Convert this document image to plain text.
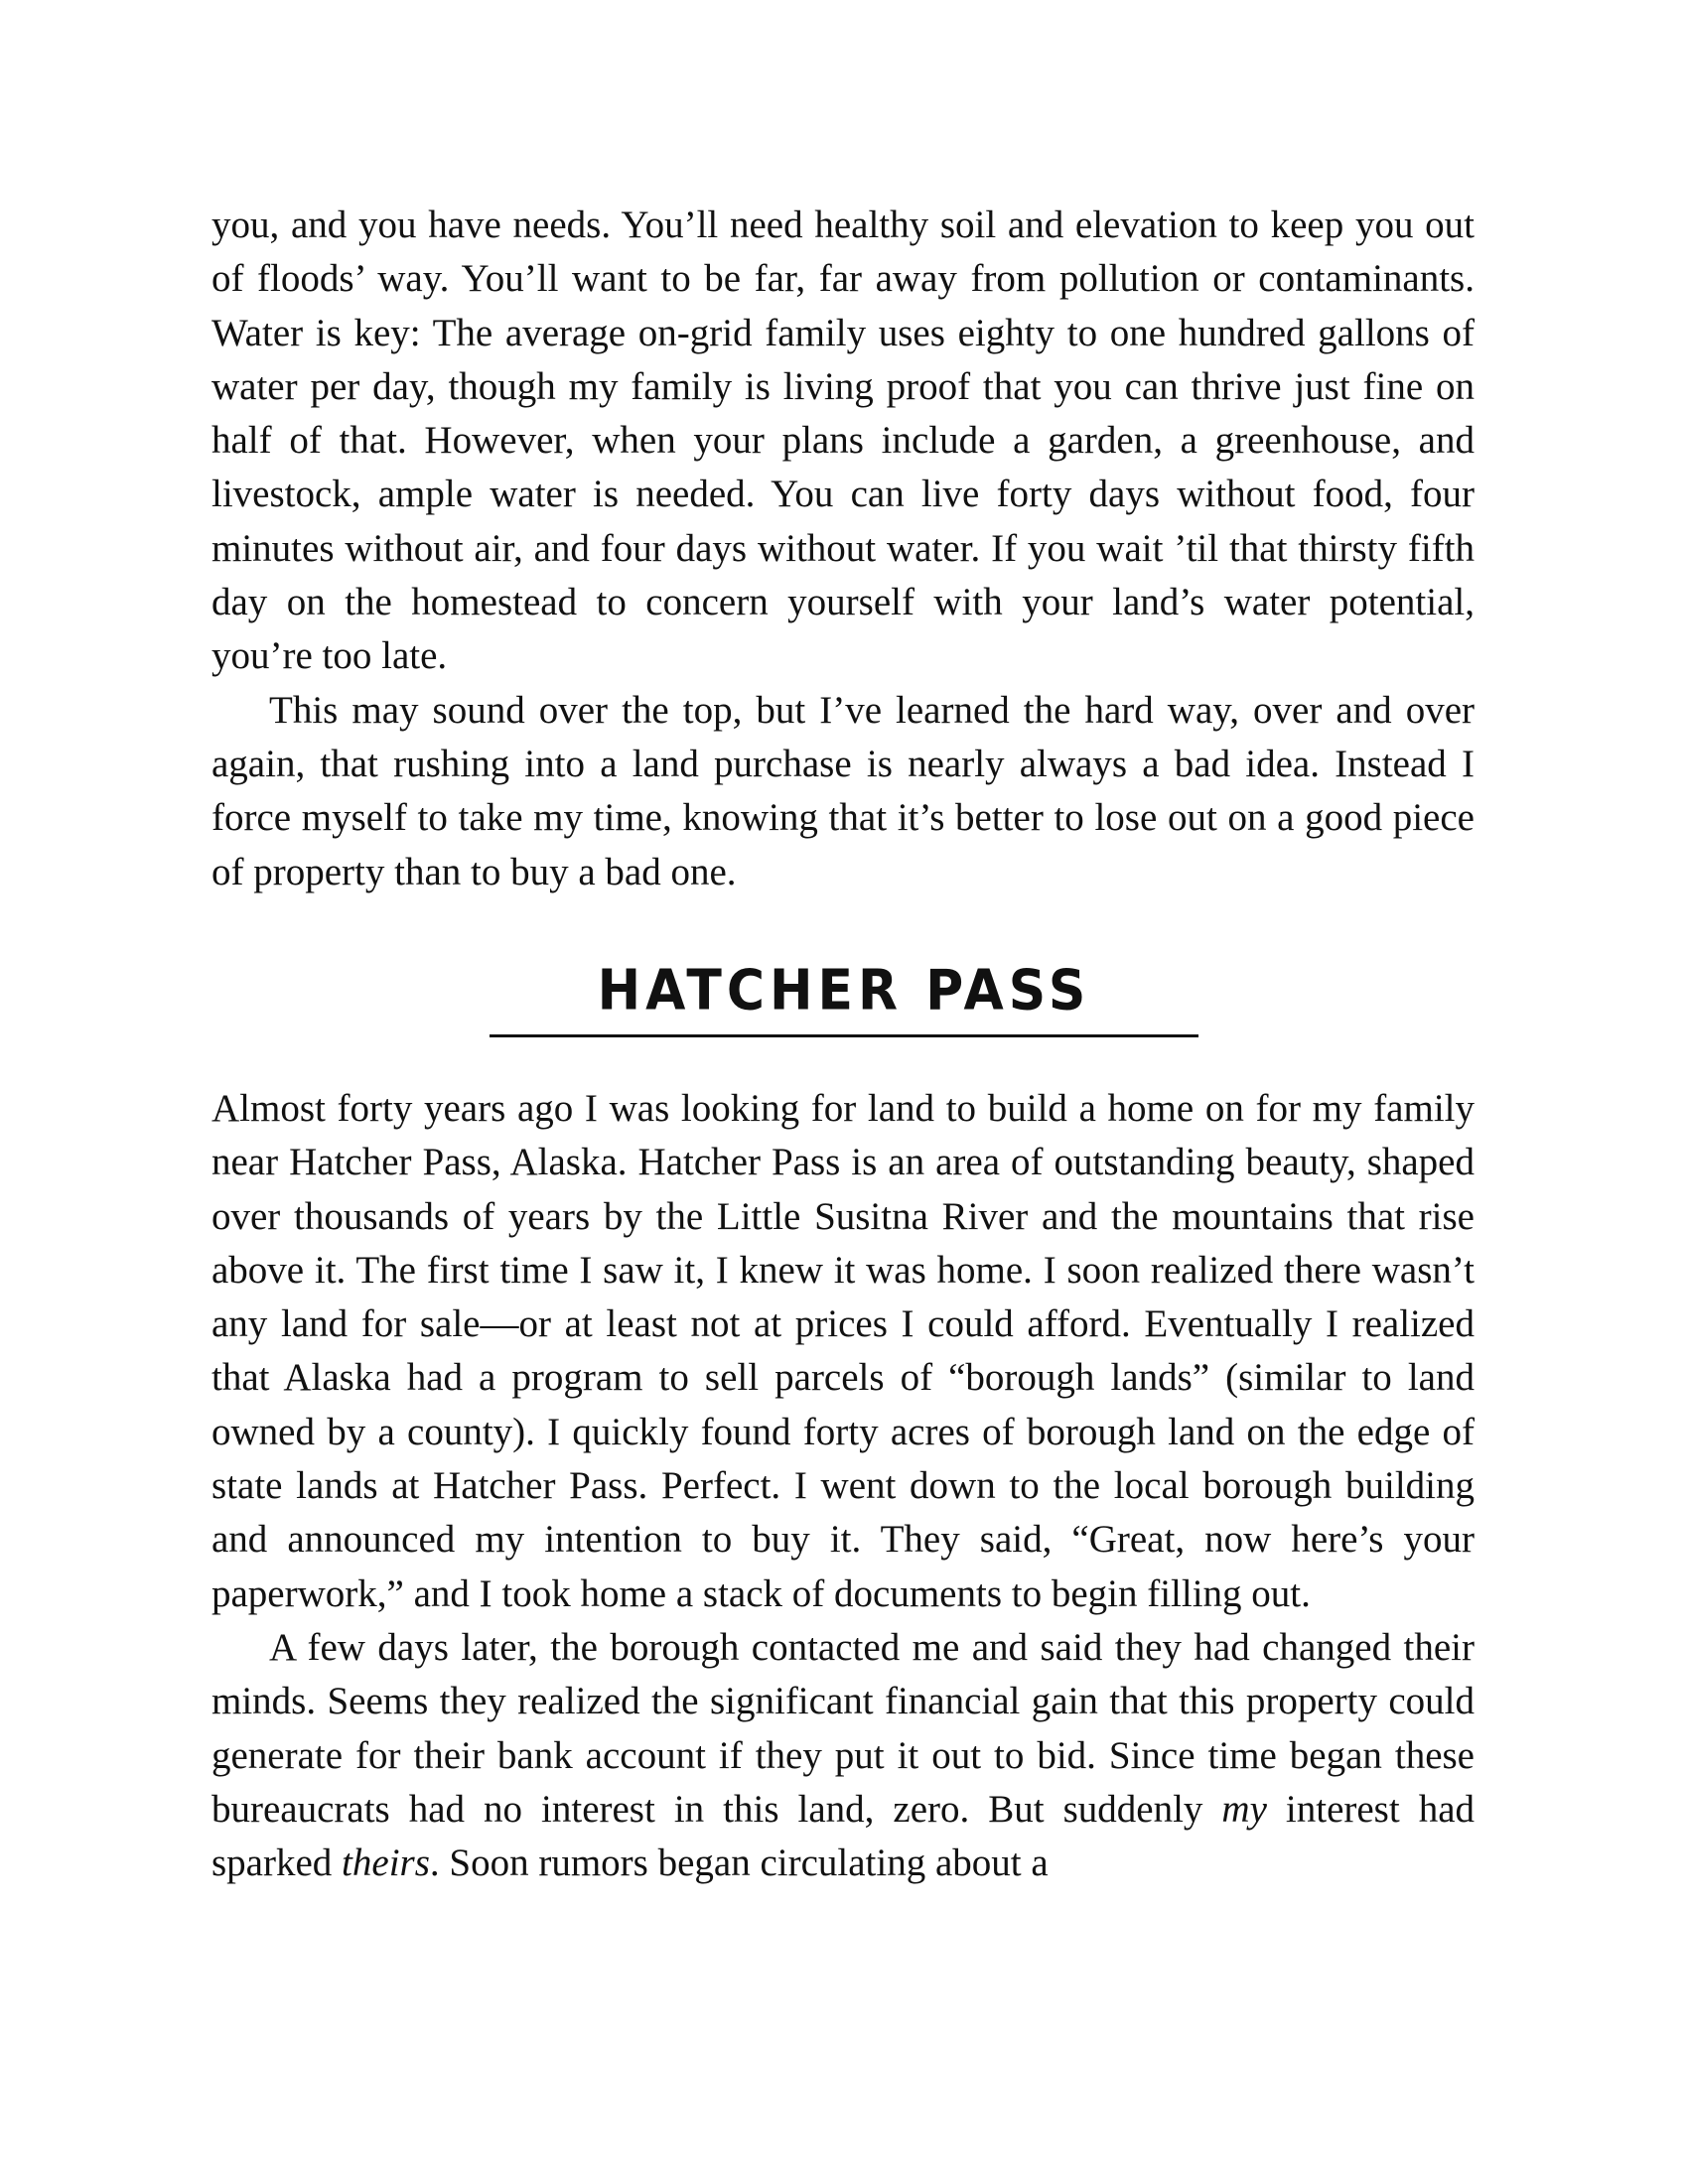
you, and you have needs. You’ll need healthy soil and elevation to keep you out of floods’ way. You’ll want to be far, far away from pollution or contaminants. Water is key: The average on-grid family uses eighty to one hundred gallons of water per day, though my family is living proof that you can thrive just fine on half of that. However, when your plans include a garden, a greenhouse, and livestock, ample water is needed. You can live forty days without food, four minutes without air, and four days without water. If you wait ’til that thirsty fifth day on the homestead to concern yourself with your land’s water potential, you’re too late.

This may sound over the top, but I’ve learned the hard way, over and over again, that rushing into a land purchase is nearly always a bad idea. Instead I force myself to take my time, knowing that it’s better to lose out on a good piece of property than to buy a bad one.

HATCHER PASS

Almost forty years ago I was looking for land to build a home on for my family near Hatcher Pass, Alaska. Hatcher Pass is an area of outstanding beauty, shaped over thousands of years by the Little Susitna River and the mountains that rise above it. The first time I saw it, I knew it was home. I soon realized there wasn’t any land for sale—or at least not at prices I could afford. Eventually I realized that Alaska had a program to sell parcels of “borough lands” (similar to land owned by a county). I quickly found forty acres of borough land on the edge of state lands at Hatcher Pass. Perfect. I went down to the local borough building and announced my intention to buy it. They said, “Great, now here’s your paperwork,” and I took home a stack of documents to begin filling out.

A few days later, the borough contacted me and said they had changed their minds. Seems they realized the significant financial gain that this property could generate for their bank account if they put it out to bid. Since time began these bureaucrats had no interest in this land, zero. But suddenly my interest had sparked theirs. Soon rumors began circulating about a
